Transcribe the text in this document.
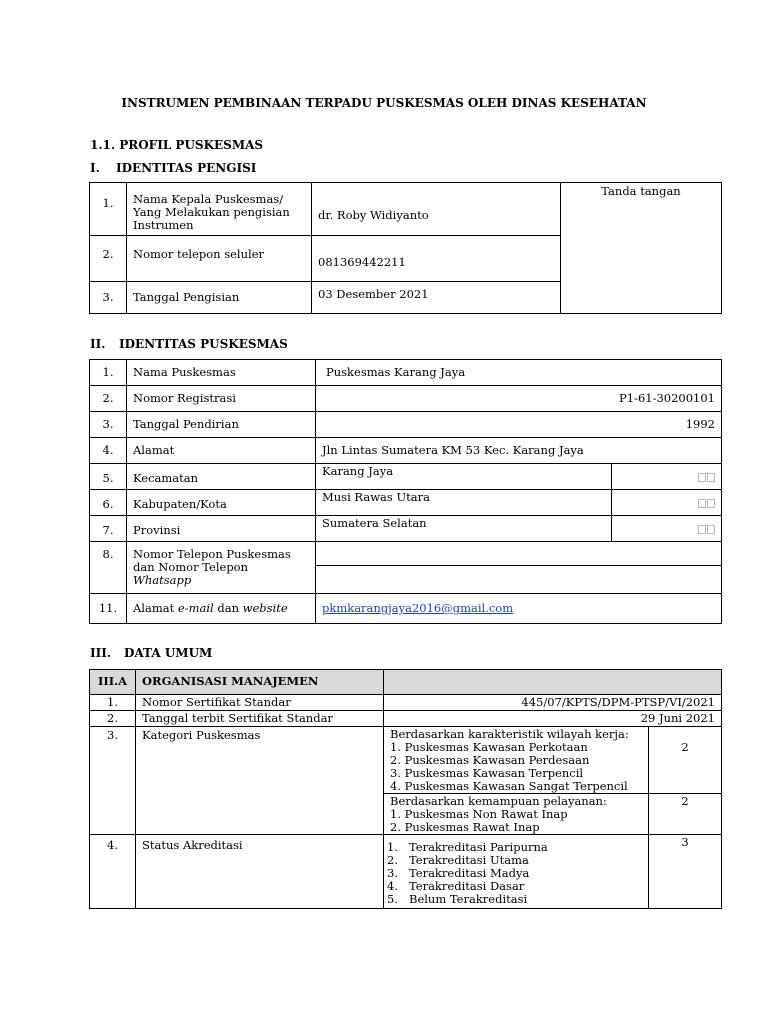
INSTRUMEN PEMBINAAN TERPADU PUSKESMAS OLEH DINAS KESEHATAN
1.1. PROFIL PUSKESMAS
I. IDENTITAS PENGISI
1.	Nama Kepala Puskesmas/
Yang Melakukan pengisian
Instrumen	dr. Roby Widiyanto	Tanda tangan
2.	Nomor telepon seluler	081369442211	
3.	Tanggal Pengisian	03 Desember 2021	
II. IDENTITAS PUSKESMAS
1.	Nama Puskesmas	Puskesmas Karang Jaya	
2.	Nomor Registrasi	P1-61-30200101	
3.	Tanggal Pendirian	1992	
4.	Alamat	Jln Lintas Sumatera KM 53 Kec. Karang Jaya	
5.	Kecamatan	Karang Jaya	
6.	Kabupaten/Kota	Musi Rawas Utara	
7.	Provinsi	Sumatera Selatan	
8.	Nomor Telepon Puskesmas
dan Nomor Telepon
Whatsapp		

11.	Alamat e-mail dan website	pkmkarangjaya2016@gmail.com	
III. DATA UMUM
III.A	ORGANISASI MANAJEMEN		
1.	Nomor Sertifikat Standar	445/07/KPTS/DPM-PTSP/VI/2021	
2.	Tanggal terbit Sertifikat Standar	29 Juni 2021	
3.	Kategori Puskesmas	Berdasarkan karakteristik wilayah kerja:
1. Puskesmas Kawasan Perkotaan
2. Puskesmas Kawasan Perdesaan
3. Puskesmas Kawasan Terpencil
4. Puskesmas Kawasan Sangat Terpencil	2

		Berdasarkan kemampuan pelayanan:
1. Puskesmas Non Rawat Inap
2. Puskesmas Rawat Inap	2
4.	Status Akreditasi	1. Terakreditasi Paripurna
2. Terakreditasi Utama
3. Terakreditasi Madya
4. Terakreditasi Dasar
5. Belum Terakreditasi	3
